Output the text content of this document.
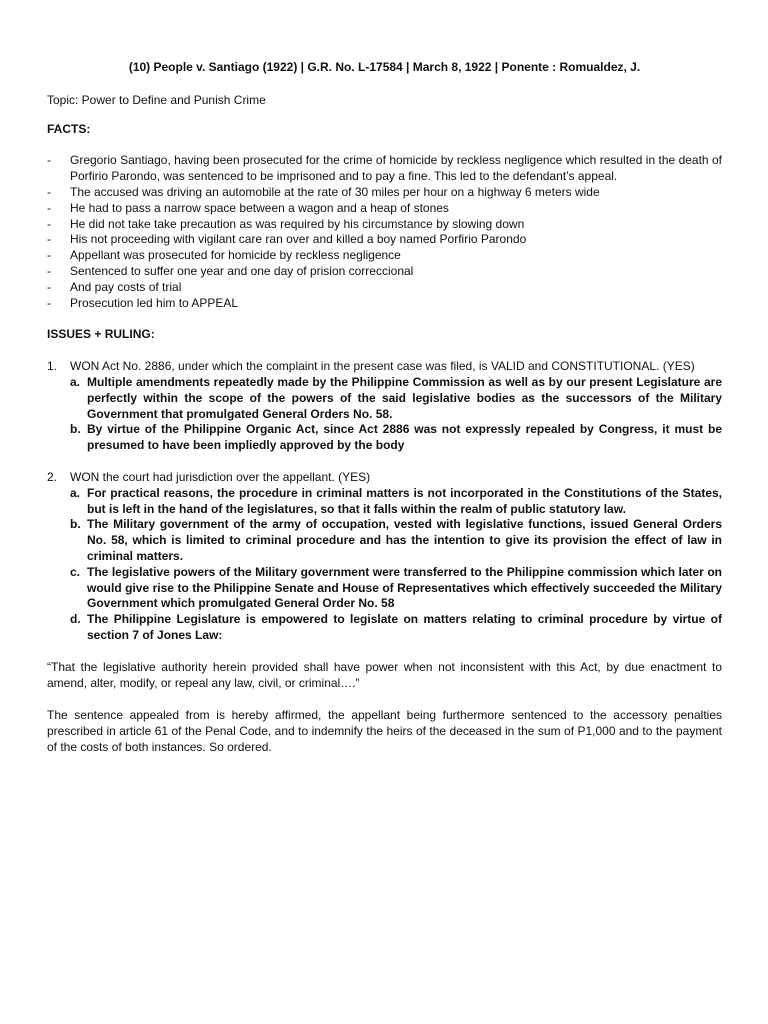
(10) People v. Santiago (1922) | G.R. No. L-17584 | March 8, 1922 | Ponente : Romualdez, J.

Topic: Power to Define and Punish Crime

FACTS:

- Gregorio Santiago, having been prosecuted for the crime of homicide by reckless negligence which resulted in the death of Porfirio Parondo, was sentenced to be imprisoned and to pay a fine. This led to the defendant’s appeal.
- The accused was driving an automobile at the rate of 30 miles per hour on a highway 6 meters wide
- He had to pass a narrow space between a wagon and a heap of stones
- He did not take take precaution as was required by his circumstance by slowing down
- His not proceeding with vigilant care ran over and killed a boy named Porfirio Parondo
- Appellant was prosecuted for homicide by reckless negligence
- Sentenced to suffer one year and one day of prision correccional
- And pay costs of trial
- Prosecution led him to APPEAL

ISSUES + RULING:

1. WON Act No. 2886, under which the complaint in the present case was filed, is VALID and CONSTITUTIONAL. (YES)
a. Multiple amendments repeatedly made by the Philippine Commission as well as by our present Legislature are perfectly within the scope of the powers of the said legislative bodies as the successors of the Military Government that promulgated General Orders No. 58.
b. By virtue of the Philippine Organic Act, since Act 2886 was not expressly repealed by Congress, it must be presumed to have been impliedly approved by the body
2. WON the court had jurisdiction over the appellant. (YES)
a. For practical reasons, the procedure in criminal matters is not incorporated in the Constitutions of the States, but is left in the hand of the legislatures, so that it falls within the realm of public statutory law.
b. The Military government of the army of occupation, vested with legislative functions, issued General Orders No. 58, which is limited to criminal procedure and has the intention to give its provision the effect of law in criminal matters.
c. The legislative powers of the Military government were transferred to the Philippine commission which later on would give rise to the Philippine Senate and House of Representatives which effectively succeeded the Military Government which promulgated General Order No. 58
d. The Philippine Legislature is empowered to legislate on matters relating to criminal procedure by virtue of section 7 of Jones Law:

“That the legislative authority herein provided shall have power when not inconsistent with this Act, by due enactment to amend, alter, modify, or repeal any law, civil, or criminal….”

The sentence appealed from is hereby affirmed, the appellant being furthermore sentenced to the accessory penalties prescribed in article 61 of the Penal Code, and to indemnify the heirs of the deceased in the sum of P1,000 and to the payment of the costs of both instances. So ordered.
